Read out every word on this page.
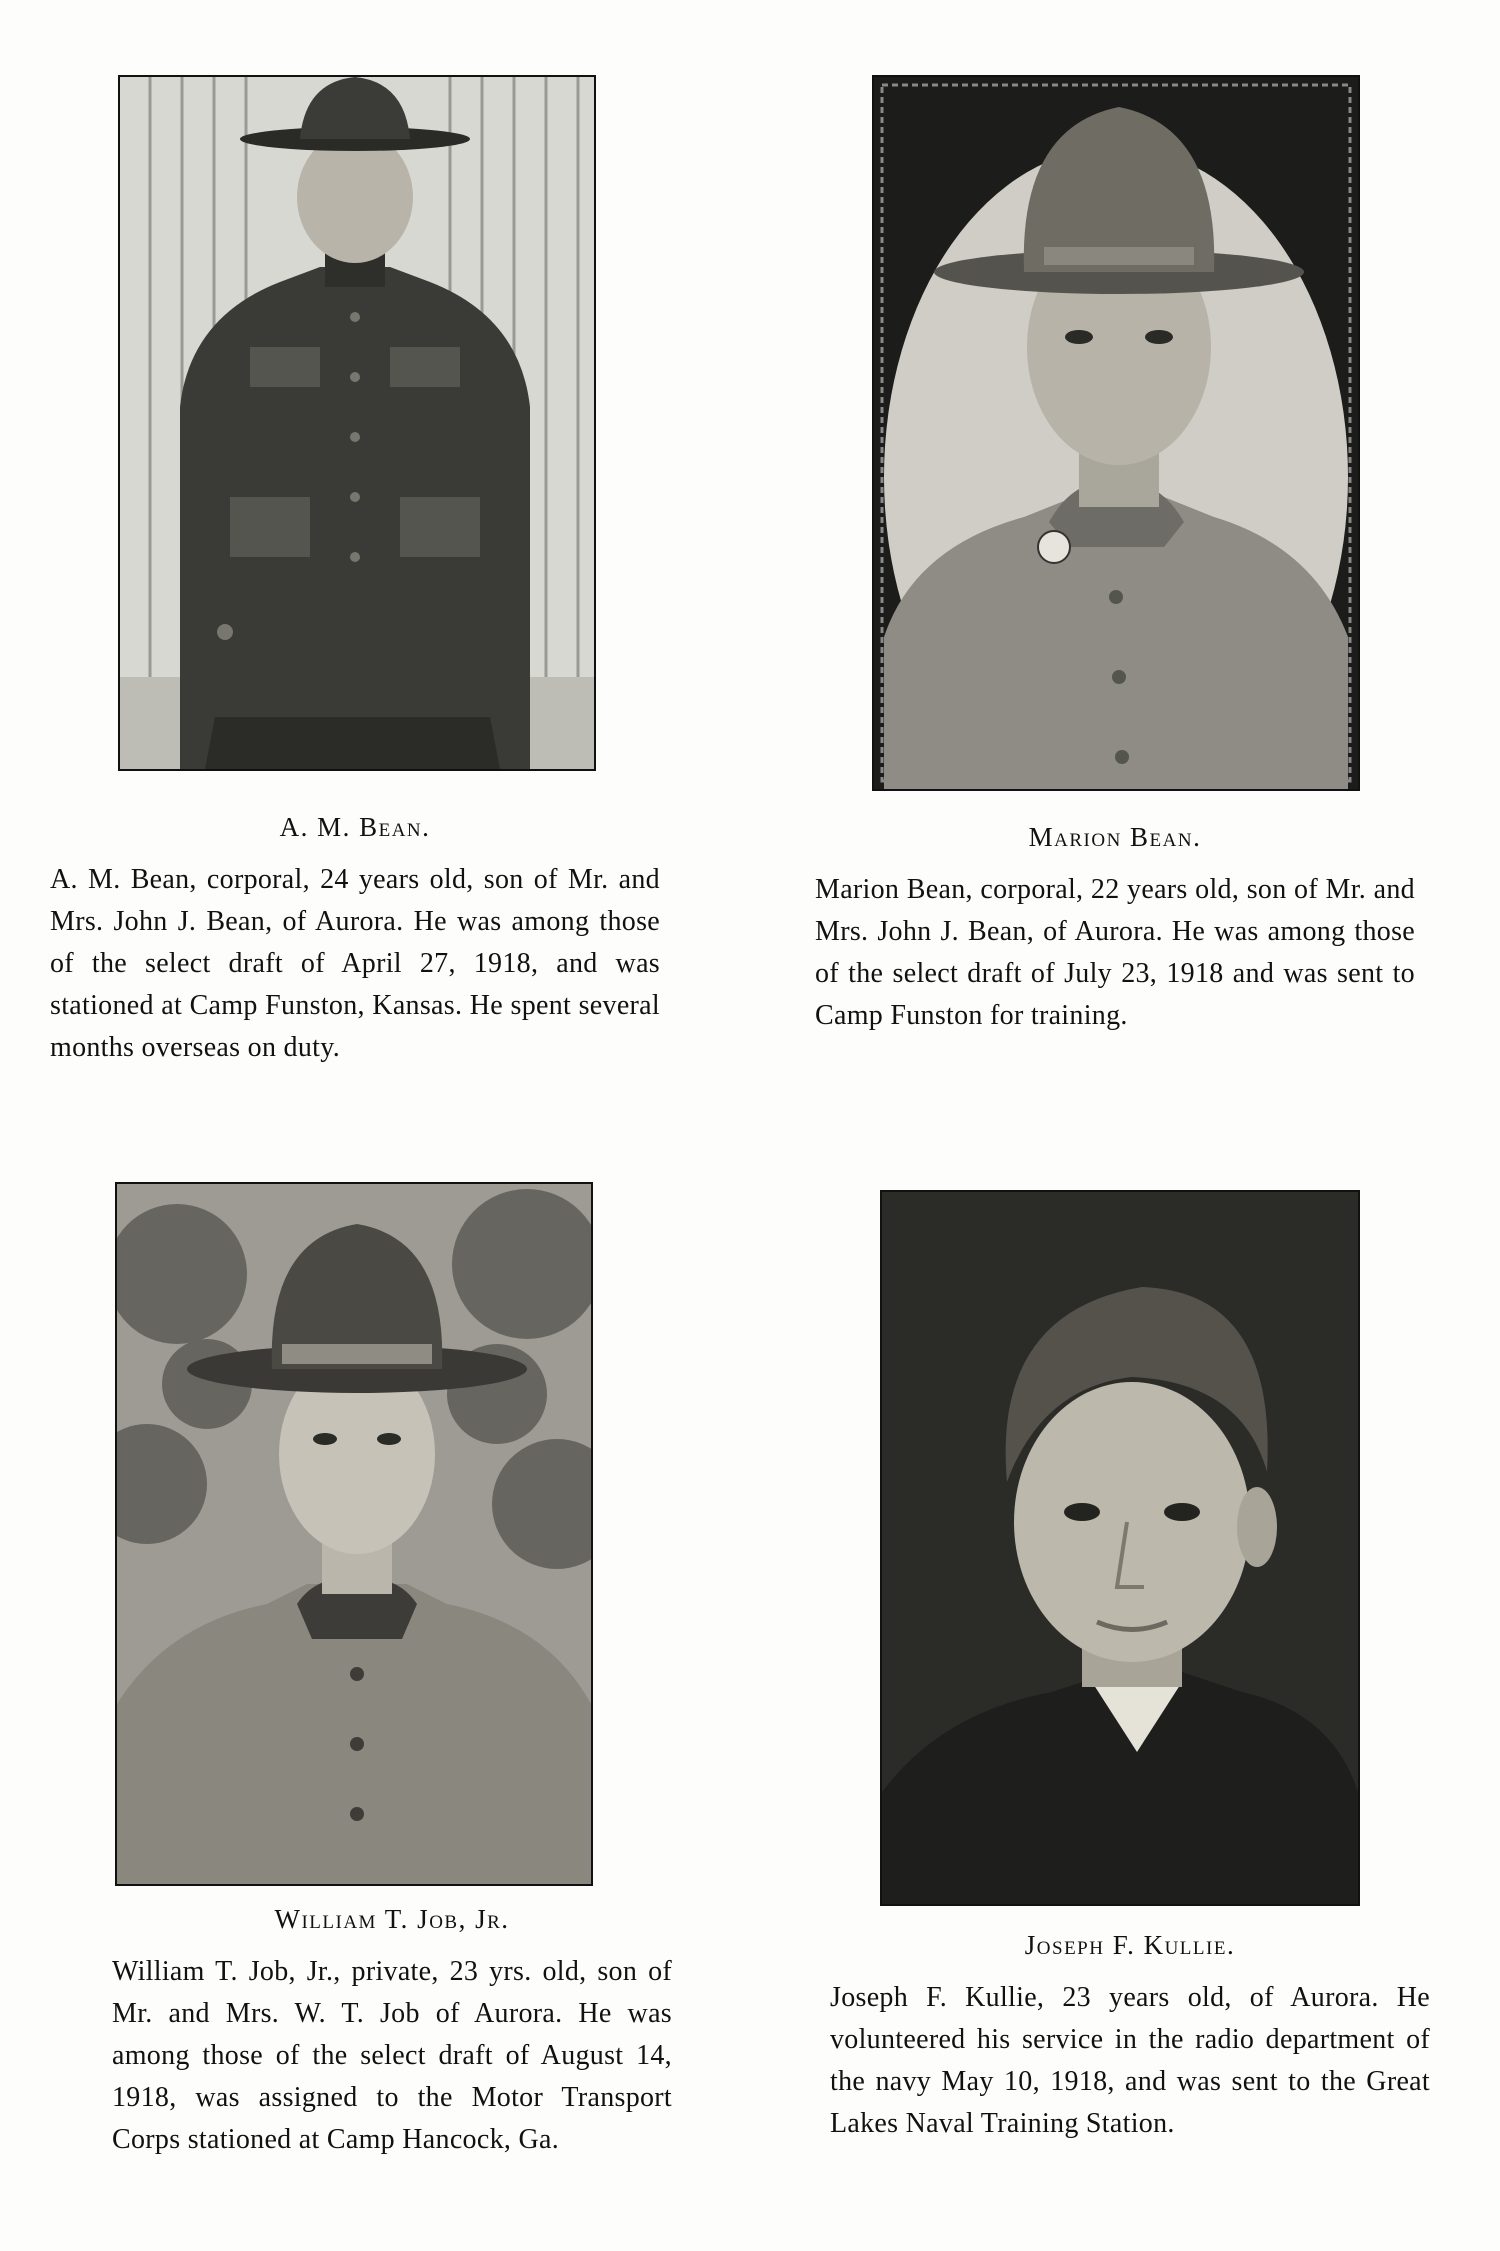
A. M. Bean.
A. M. Bean, corporal, 24 years old, son of Mr. and Mrs. John J. Bean, of Aurora. He was among those of the select draft of April 27, 1918, and was stationed at Camp Funston, Kansas. He spent several months overseas on duty.
Marion Bean.
Marion Bean, corporal, 22 years old, son of Mr. and Mrs. John J. Bean, of Aurora. He was among those of the select draft of July 23, 1918 and was sent to Camp Funston for training.
William T. Job, Jr.
William T. Job, Jr., private, 23 yrs. old, son of Mr. and Mrs. W. T. Job of Aurora. He was among those of the select draft of August 14, 1918, was assigned to the Motor Transport Corps stationed at Camp Hancock, Ga.
Joseph F. Kullie.
Joseph F. Kullie, 23 years old, of Aurora. He volunteered his service in the radio department of the navy May 10, 1918, and was sent to the Great Lakes Naval Training Station.
